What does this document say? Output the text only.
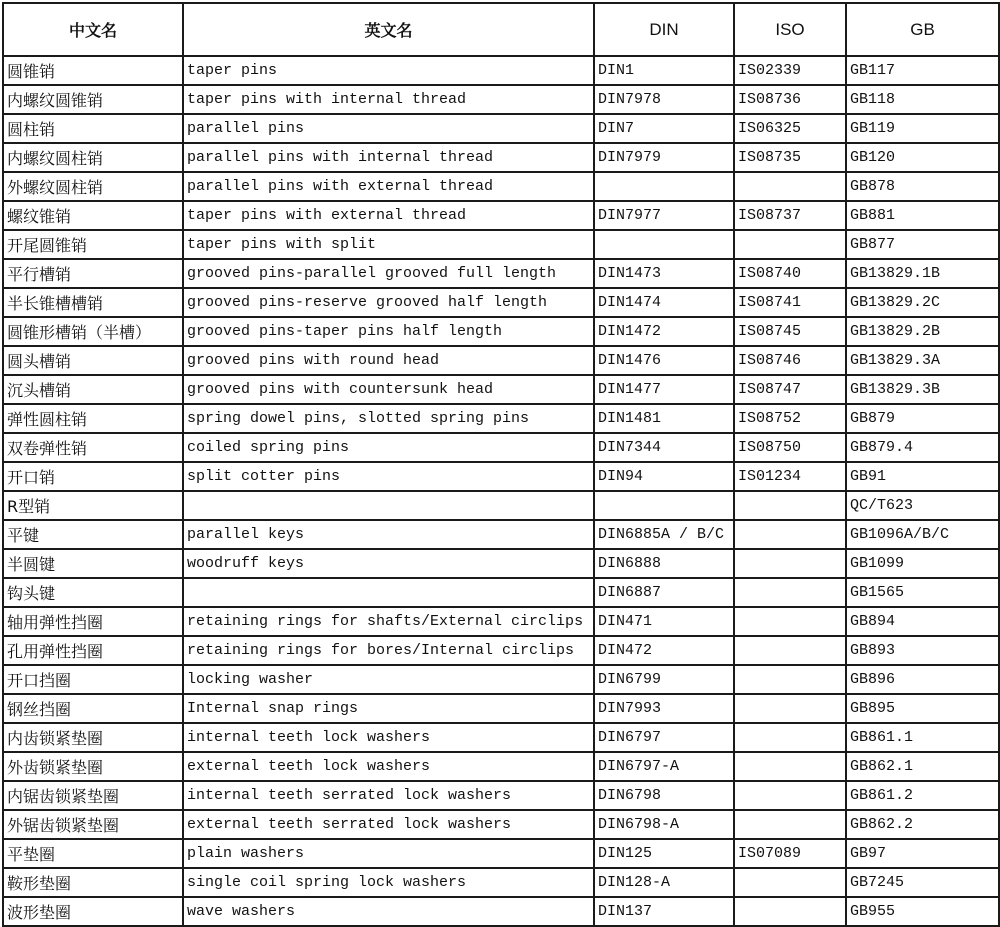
中文名	英文名	DIN	ISO	GB
圆锥销	taper pins	DIN1	IS02339	GB117
内螺纹圆锥销	taper pins with internal thread	DIN7978	IS08736	GB118
圆柱销	parallel pins	DIN7	IS06325	GB119
内螺纹圆柱销	parallel pins with internal thread	DIN7979	IS08735	GB120
外螺纹圆柱销	parallel pins with external thread			GB878
螺纹锥销	taper pins with external thread	DIN7977	IS08737	GB881
开尾圆锥销	taper pins with split			GB877
平行槽销	grooved pins-parallel grooved full length	DIN1473	IS08740	GB13829.1B
半长锥槽槽销	grooved pins-reserve grooved half length	DIN1474	IS08741	GB13829.2C
圆锥形槽销（半槽）	grooved pins-taper pins half length	DIN1472	IS08745	GB13829.2B
圆头槽销	grooved pins with round head	DIN1476	IS08746	GB13829.3A
沉头槽销	grooved pins with countersunk head	DIN1477	IS08747	GB13829.3B
弹性圆柱销	spring dowel pins, slotted spring pins	DIN1481	IS08752	GB879
双卷弹性销	coiled spring pins	DIN7344	IS08750	GB879.4
开口销	split cotter pins	DIN94	IS01234	GB91
R型销				QC/T623
平键	parallel keys	DIN6885A / B/C		GB1096A/B/C
半圆键	woodruff keys	DIN6888		GB1099
钩头键		DIN6887		GB1565
轴用弹性挡圈	retaining rings for shafts/External circlips	DIN471		GB894
孔用弹性挡圈	retaining rings for bores/Internal circlips	DIN472		GB893
开口挡圈	locking washer	DIN6799		GB896
钢丝挡圈	Internal snap rings	DIN7993		GB895
内齿锁紧垫圈	internal teeth lock washers	DIN6797		GB861.1
外齿锁紧垫圈	external teeth lock washers	DIN6797-A		GB862.1
内锯齿锁紧垫圈	internal teeth serrated lock washers	DIN6798		GB861.2
外锯齿锁紧垫圈	external teeth serrated lock washers	DIN6798-A		GB862.2
平垫圈	plain washers	DIN125	IS07089	GB97
鞍形垫圈	single coil spring lock washers	DIN128-A		GB7245
波形垫圈	wave washers	DIN137		GB955
